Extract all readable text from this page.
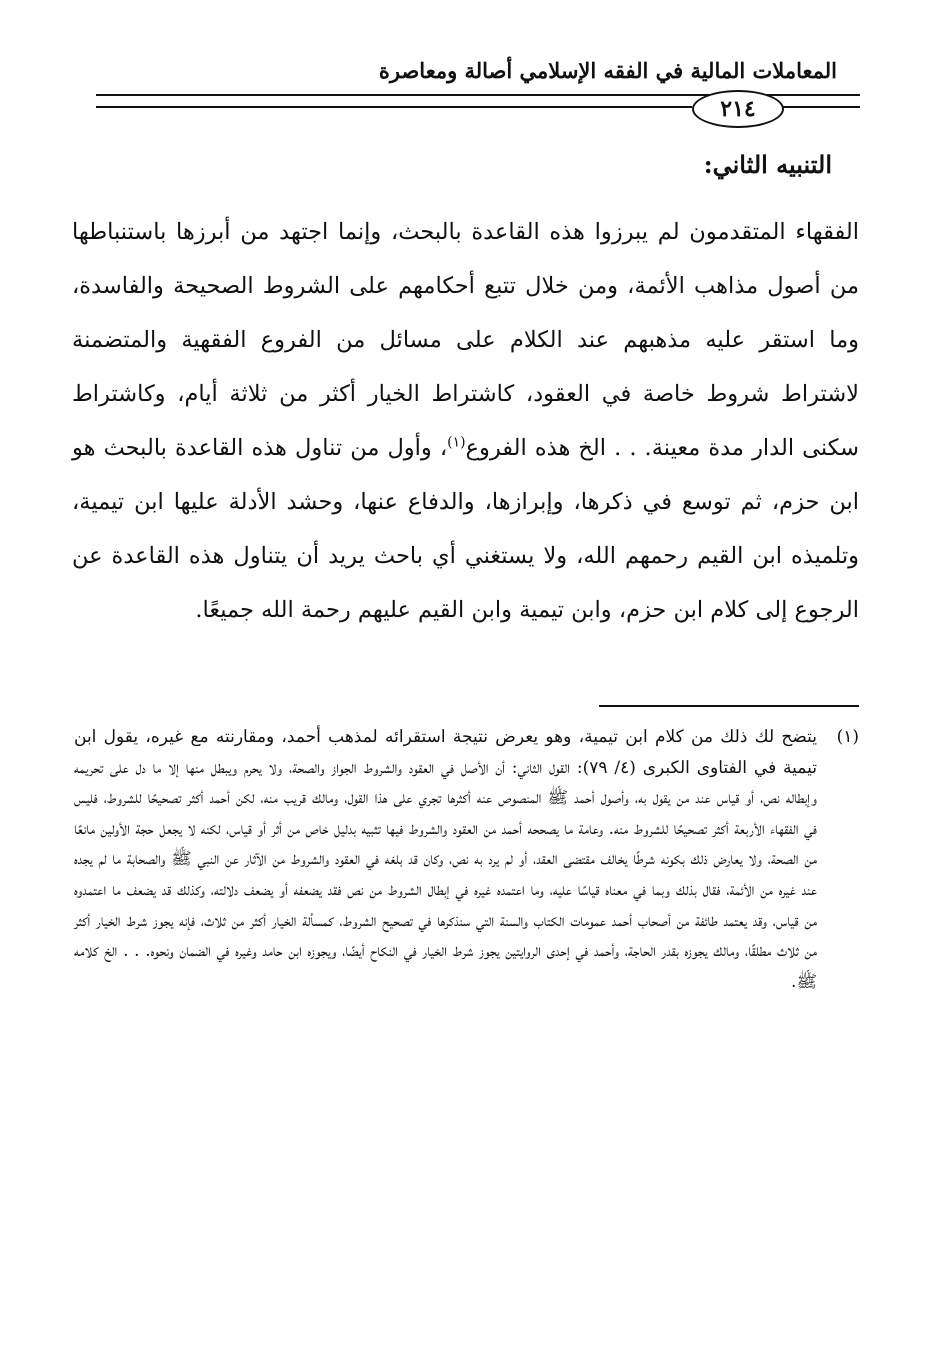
المعاملات المالية في الفقه الإسلامي أصالة ومعاصرة
٢١٤
التنبيه الثاني:

الفقهاء المتقدمون لم يبرزوا هذه القاعدة بالبحث، وإنما اجتهد من أبرزها باستنباطها من أصول مذاهب الأئمة، ومن خلال تتبع أحكامهم على الشروط الصحيحة والفاسدة، وما استقر عليه مذهبهم عند الكلام على مسائل من الفروع الفقهية والمتضمنة لاشتراط شروط خاصة في العقود، كاشتراط الخيار أكثر من ثلاثة أيام، وكاشتراط سكنى الدار مدة معينة. . . الخ هذه الفروع$^{(١)}$، وأول من تناول هذه القاعدة بالبحث هو ابن حزم، ثم توسع في ذكرها، وإبرازها، والدفاع عنها، وحشد الأدلة عليها ابن تيمية، وتلميذه ابن القيم رحمهم الله، ولا يستغني أي باحث يريد أن يتناول هذه القاعدة عن الرجوع إلى كلام ابن حزم، وابن تيمية وابن القيم عليهم رحمة الله جميعًا.

(١)

يتضح لك ذلك من كلام ابن تيمية، وهو يعرض نتيجة استقرائه لمذهب أحمد، ومقارنته مع غيره، يقول ابن تيمية في الفتاوى الكبرى (٤/ ٧٩): القول الثاني: أن الأصل في العقود والشروط الجواز والصحة، ولا يحرم ويبطل منها إلا ما دل على تحريمه وإبطاله نص، أو قياس عند من يقول به، وأصول أحمد ﷺ المنصوص عنه أكثرها تجري على هذا القول، ومالك قريب منه، لكن أحمد أكثر تصحيحًا للشروط، فليس في الفقهاء الأربعة أكثر تصحيحًا للشروط منه. وعامة ما يصححه أحمد من العقود والشروط فيها تثبيه بدليل خاص من أثر أو قياس، لكنه لا يجعل حجة الأولين مانعًا من الصحة، ولا يعارض ذلك بكونه شرطًا يخالف مقتضى العقد، أو لم يرد به نص، وكان قد بلغه في العقود والشروط من الآثار عن النبي ﷺ والصحابة ما لم يجده عند غيره من الأئمة، فقال بذلك وبما في معناه قياسًا عليه، وما اعتمده غيره في إبطال الشروط من نص فقد يضعفه أو يضعف دلالته، وكذلك قد يضعف ما اعتمدوه من قياس، وقد يعتمد طائفة من أصحاب أحمد عمومات الكتاب والسنة التي سنذكرها في تصحيح الشروط، كمسألة الخيار أكثر من ثلاث، فإنه يجوز شرط الخيار أكثر من ثلاث مطلقًا، ومالك يجوزه بقدر الحاجة، وأحمد في إحدى الروايتين يجوز شرط الخيار في النكاح أيضًا، ويجوزه ابن حامد وغيره في الضمان ونحوه. . . الخ كلامه ﷺ.
